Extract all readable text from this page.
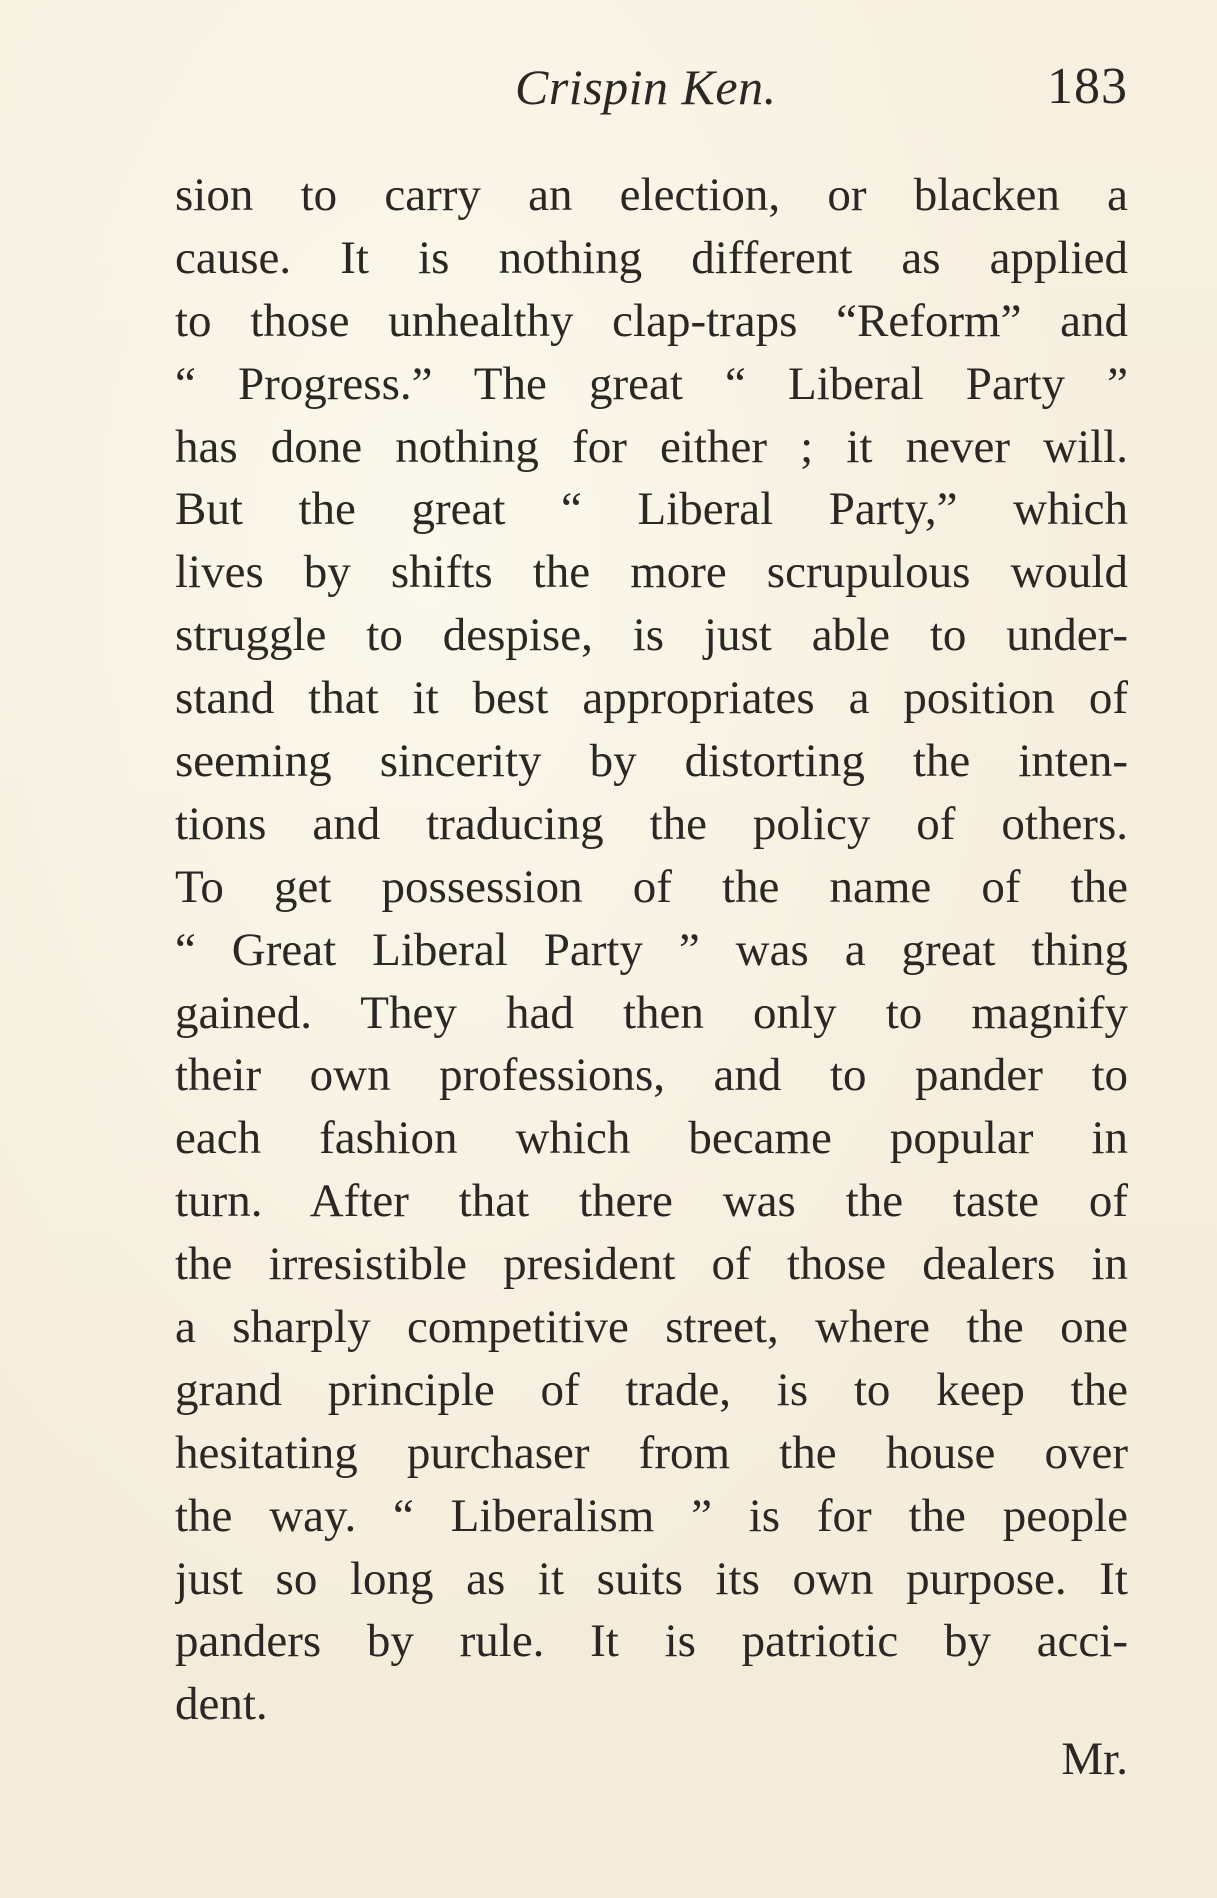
Crispin Ken.	183
sion to carry an election, or blacken a
cause. It is nothing different as applied
to those unhealthy clap-traps “Reform” and
“ Progress.” The great “ Liberal Party ”
has done nothing for either ; it never will.
But the great “ Liberal Party,” which
lives by shifts the more scrupulous would
struggle to despise, is just able to under-
stand that it best appropriates a position of
seeming sincerity by distorting the inten-
tions and traducing the policy of others.
To get possession of the name of the
“ Great Liberal Party ” was a great thing
gained. They had then only to magnify
their own professions, and to pander to
each fashion which became popular in
turn. After that there was the taste of
the irresistible president of those dealers in
a sharply competitive street, where the one
grand principle of trade, is to keep the
hesitating purchaser from the house over
the way. “ Liberalism ” is for the people
just so long as it suits its own purpose. It
panders by rule. It is patriotic by acci-
dent.
Mr.
